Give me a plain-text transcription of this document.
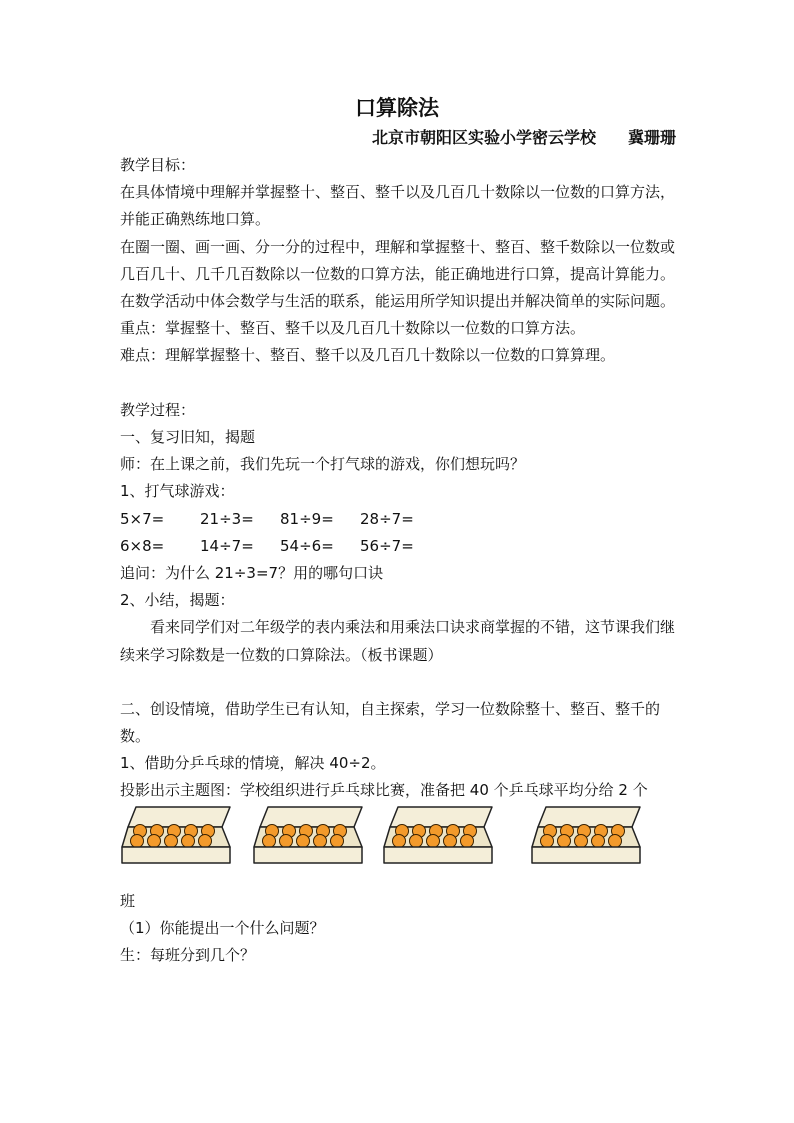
口算除法
北京市朝阳区实验小学密云学校　　冀珊珊

教学目标：

在具体情境中理解并掌握整十、整百、整千以及几百几十数除以一位数的口算方法，并能正确熟练地口算。

在圈一圈、画一画、分一分的过程中，理解和掌握整十、整百、整千数除以一位数或几百几十、几千几百数除以一位数的口算方法，能正确地进行口算，提高计算能力。

在数学活动中体会数学与生活的联系，能运用所学知识提出并解决简单的实际问题。

重点：掌握整十、整百、整千以及几百几十数除以一位数的口算方法。

难点：理解掌握整十、整百、整千以及几百几十数除以一位数的口算算理。

教学过程：

一、复习旧知，揭题

师：在上课之前，我们先玩一个打气球的游戏，你们想玩吗？

1、打气球游戏：

5×7=	21÷3=	81÷9=	28÷7=
6×8=	14÷7=	54÷6=	56÷7=

追问：为什么 21÷3=7？用的哪句口诀

2、小结，揭题：

看来同学们对二年级学的表内乘法和用乘法口诀求商掌握的不错，这节课我们继续来学习除数是一位数的口算除法。（板书课题）

二、创设情境，借助学生已有认知，自主探索，学习一位数除整十、整百、整千的数。

1、借助分乒乓球的情境，解决 40÷2。

投影出示主题图：学校组织进行乒乓球比赛，准备把 40 个乒乓球平均分给 2 个

班

（1）你能提出一个什么问题？

生：每班分到几个？
